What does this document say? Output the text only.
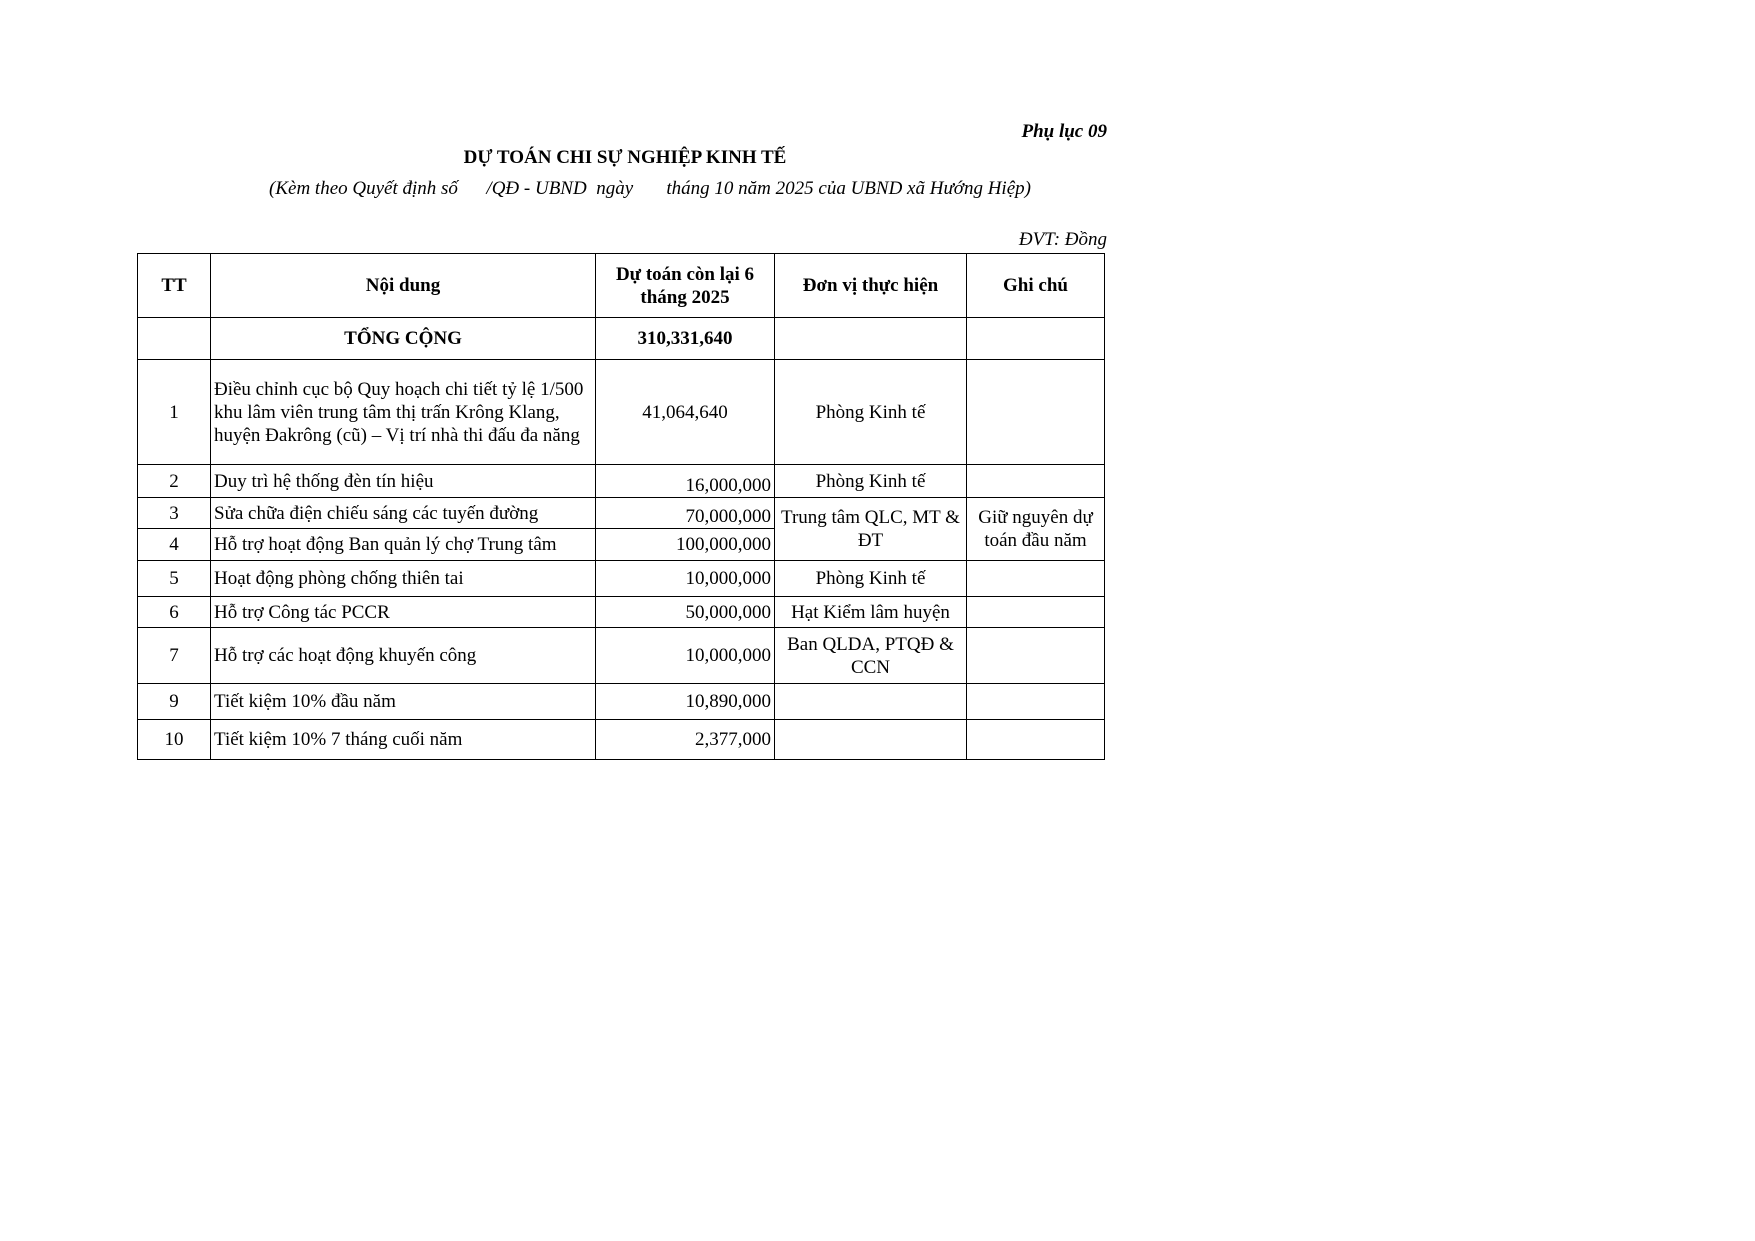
Phụ lục 09
DỰ TOÁN CHI SỰ NGHIỆP KINH TẾ
(Kèm theo Quyết định số      /QĐ - UBND  ngày       tháng 10 năm 2025 của UBND xã Hướng Hiệp)
ĐVT: Đồng
TT	Nội dung	Dự toán còn lại 6 tháng 2025	Đơn vị thực hiện	Ghi chú
	TỔNG CỘNG	310,331,640		
1	Điều chỉnh cục bộ Quy hoạch chi tiết tỷ lệ 1/500 khu lâm viên trung tâm thị trấn Krông Klang, huyện Đakrông (cũ) – Vị trí nhà thi đấu đa năng	41,064,640	Phòng Kinh tế	
2	Duy trì hệ thống đèn tín hiệu	16,000,000	Phòng Kinh tế	
3	Sửa chữa điện chiếu sáng các tuyến đường	70,000,000	Trung tâm QLC, MT & ĐT	Giữ nguyên dự toán đầu năm
4	Hỗ trợ hoạt động Ban quản lý chợ Trung tâm	100,000,000		
5	Hoạt động phòng chống thiên tai	10,000,000	Phòng Kinh tế	
6	Hỗ trợ Công tác PCCR	50,000,000	Hạt Kiểm lâm huyện	
7	Hỗ trợ các hoạt động khuyến công	10,000,000	Ban QLDA, PTQĐ & CCN	
9	Tiết kiệm 10% đầu năm	10,890,000		
10	Tiết kiệm 10% 7 tháng cuối năm	2,377,000		
